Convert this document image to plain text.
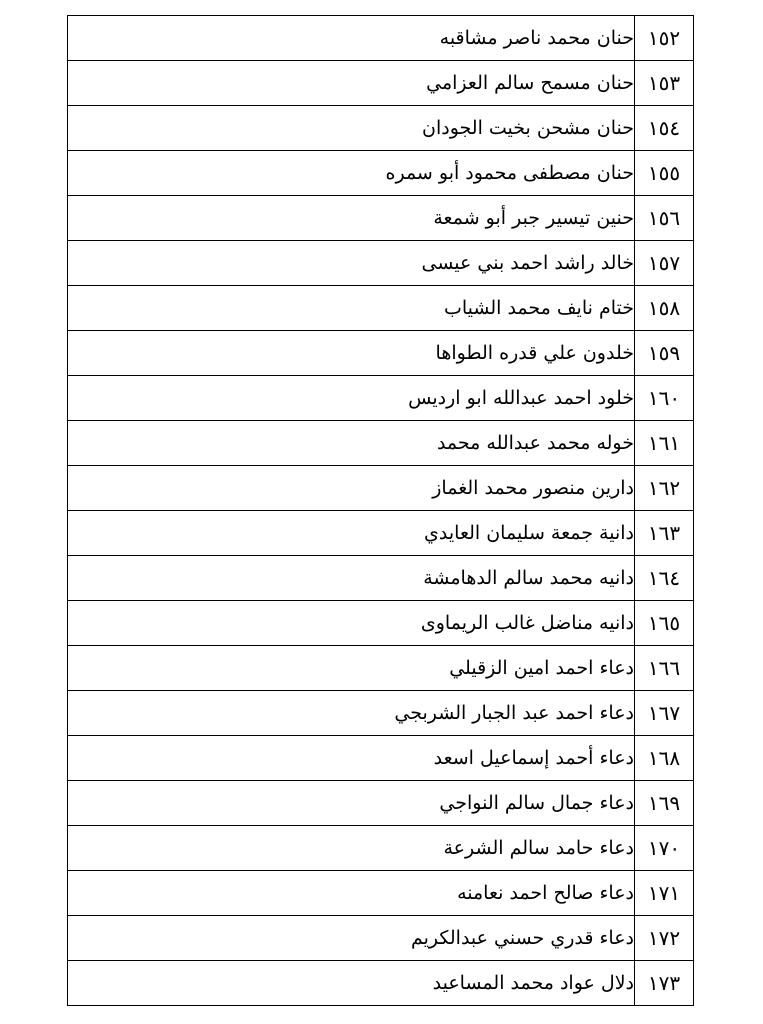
١٥٢	حنان محمد ناصر مشاقبه
١٥٣	حنان مسمح سالم العزامي
١٥٤	حنان مشحن بخيت الجودان
١٥٥	حنان مصطفى محمود أبو سمره
١٥٦	حنين تيسير جبر أبو شمعة
١٥٧	خالد راشد احمد بني عيسى
١٥٨	ختام نايف محمد الشياب
١٥٩	خلدون علي قدره الطواها
١٦٠	خلود احمد عبدالله ابو ارديس
١٦١	خوله محمد عبدالله محمد
١٦٢	دارين منصور محمد الغماز
١٦٣	دانية جمعة سليمان العايدي
١٦٤	دانيه محمد سالم الدهامشة
١٦٥	دانيه مناضل غالب الريماوى
١٦٦	دعاء احمد امين الزقيلي
١٦٧	دعاء احمد عبد الجبار الشربجي
١٦٨	دعاء أحمد إسماعيل اسعد
١٦٩	دعاء جمال سالم النواجي
١٧٠	دعاء حامد سالم الشرعة
١٧١	دعاء صالح احمد نعامنه
١٧٢	دعاء قدري حسني عبدالكريم
١٧٣	دلال عواد محمد المساعيد
